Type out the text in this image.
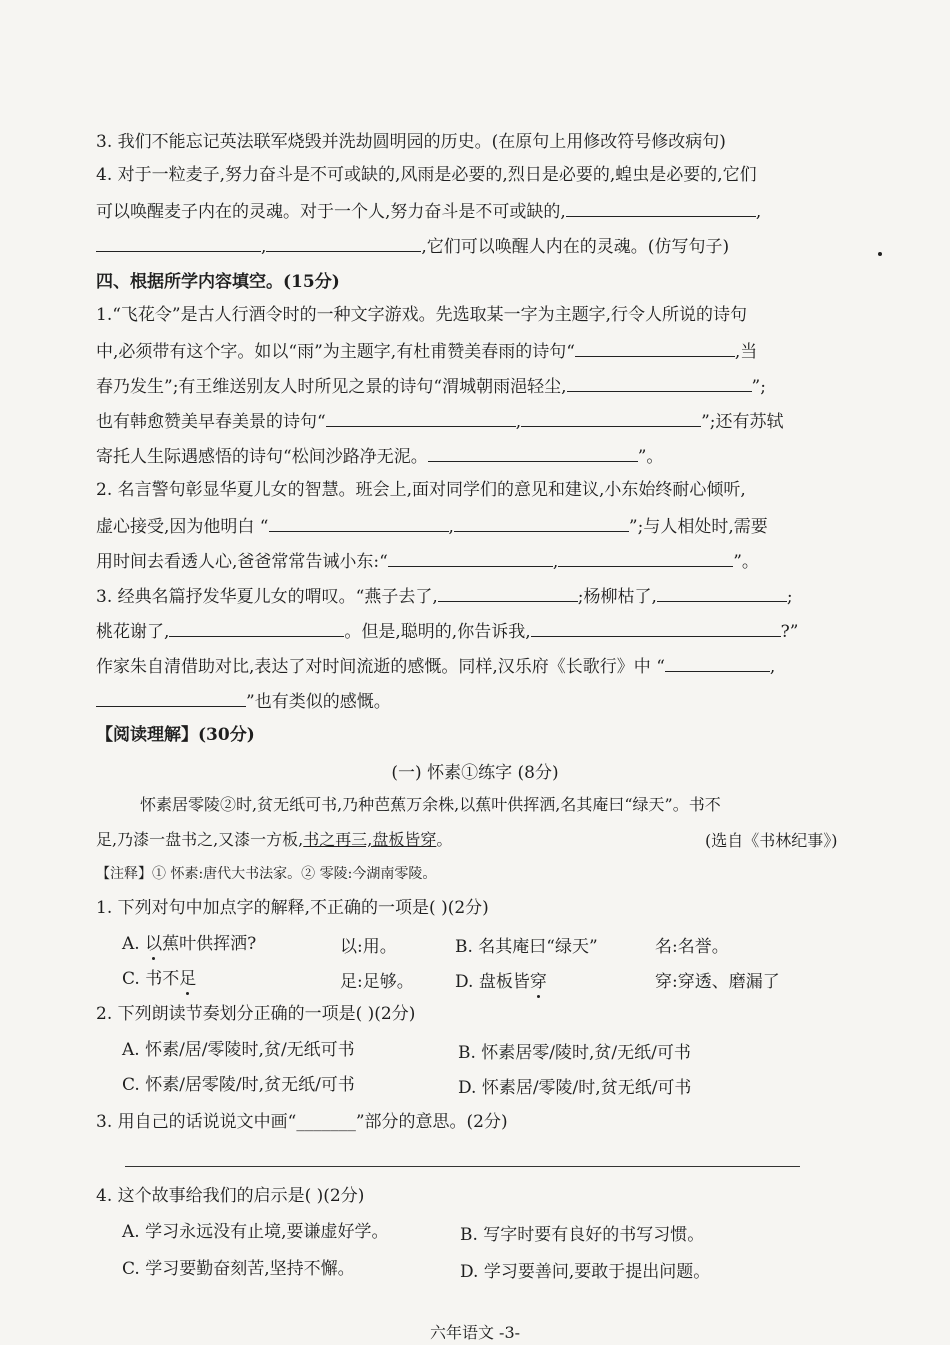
3. 我们不能忘记英法联军烧毁并洗劫圆明园的历史。(在原句上用修改符号修改病句)
4. 对于一粒麦子,努力奋斗是不可或缺的,风雨是必要的,烈日是必要的,蝗虫是必要的,它们
可以唤醒麦子内在的灵魂。对于一个人,努力奋斗是不可或缺的,	,
,	,它们可以唤醒人内在的灵魂。(仿写句子)
四、根据所学内容填空。(15分)
1.“飞花令”是古人行酒令时的一种文字游戏。先选取某一字为主题字,行令人所说的诗句
中,必须带有这个字。如以“雨”为主题字,有杜甫赞美春雨的诗句“	,当
春乃发生”;有王维送别友人时所见之景的诗句“渭城朝雨浥轻尘,	”;
也有韩愈赞美早春美景的诗句“	,	”;还有苏轼
寄托人生际遇感悟的诗句“松间沙路净无泥。	”。
2. 名言警句彰显华夏儿女的智慧。班会上,面对同学们的意见和建议,小东始终耐心倾听,
虚心接受,因为他明白 “	,	”;与人相处时,需要
用时间去看透人心,爸爸常常告诫小东:“	,	”。
3. 经典名篇抒发华夏儿女的喟叹。“燕子去了,	;杨柳枯了,	;
桃花谢了,	。但是,聪明的,你告诉我,	?”
作家朱自清借助对比,表达了对时间流逝的感慨。同样,汉乐府《长歌行》中 “	,
”也有类似的感慨。
【阅读理解】(30分)
(一) 怀素①练字 (8分)
怀素居零陵②时,贫无纸可书,乃种芭蕉万余株,以蕉叶供挥洒,名其庵曰“绿天”。书不
足,乃漆一盘书之,又漆一方板,书之再三,盘板皆穿。	(选自《书林纪事》)
【注释】① 怀素:唐代大书法家。② 零陵:今湖南零陵。
1. 下列对句中加点字的解释,不正确的一项是( )(2分)
A. 以蕉叶供挥洒?	以:用。	B. 名其庵曰“绿天”	名:名誉。
C. 书不足	足:足够。 D. 盘板皆穿	穿:穿透、磨漏了
2. 下列朗读节奏划分正确的一项是( )(2分)
A. 怀素/居/零陵时,贫/无纸可书	B. 怀素居零/陵时,贫/无纸/可书
C. 怀素/居零陵/时,贫无纸/可书	D. 怀素居/零陵/时,贫无纸/可书
3. 用自己的话说说文中画“_______”部分的意思。(2分)
4. 这个故事给我们的启示是( )(2分)
A. 学习永远没有止境,要谦虚好学。	B. 写字时要有良好的书写习惯。
C. 学习要勤奋刻苦,坚持不懈。	D. 学习要善问,要敢于提出问题。
六年语文 -3-
